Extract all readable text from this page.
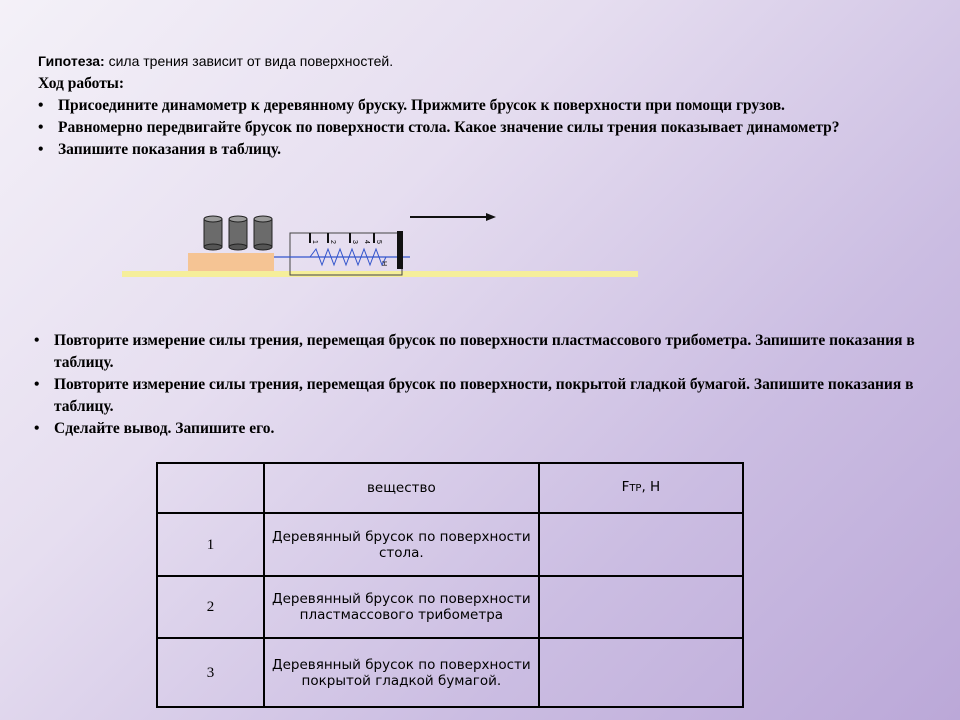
Гипотеза: сила трения зависит от вида поверхностей.
Ход работы:
• Присоедините динамометр к деревянному бруску. Прижмите брусок к поверхности при помощи грузов.
• Равномерно передвигайте брусок по поверхности стола. Какое значение силы трения показывает динамометр?
• Запишите показания в таблицу.
1 2 3 4 5
Н
• Повторите измерение силы трения, перемещая брусок по поверхности пластмассового трибометра. Запишите показания в таблицу.
• Повторите измерение силы трения, перемещая брусок по поверхности, покрытой гладкой бумагой. Запишите показания в таблицу.
• Сделайте вывод. Запишите его.
	вещество	FТР, Н
1	Деревянный брусок по поверхности стола.	
2	Деревянный брусок по поверхности пластмассового трибометра	
3	Деревянный брусок по поверхности покрытой гладкой бумагой.	
